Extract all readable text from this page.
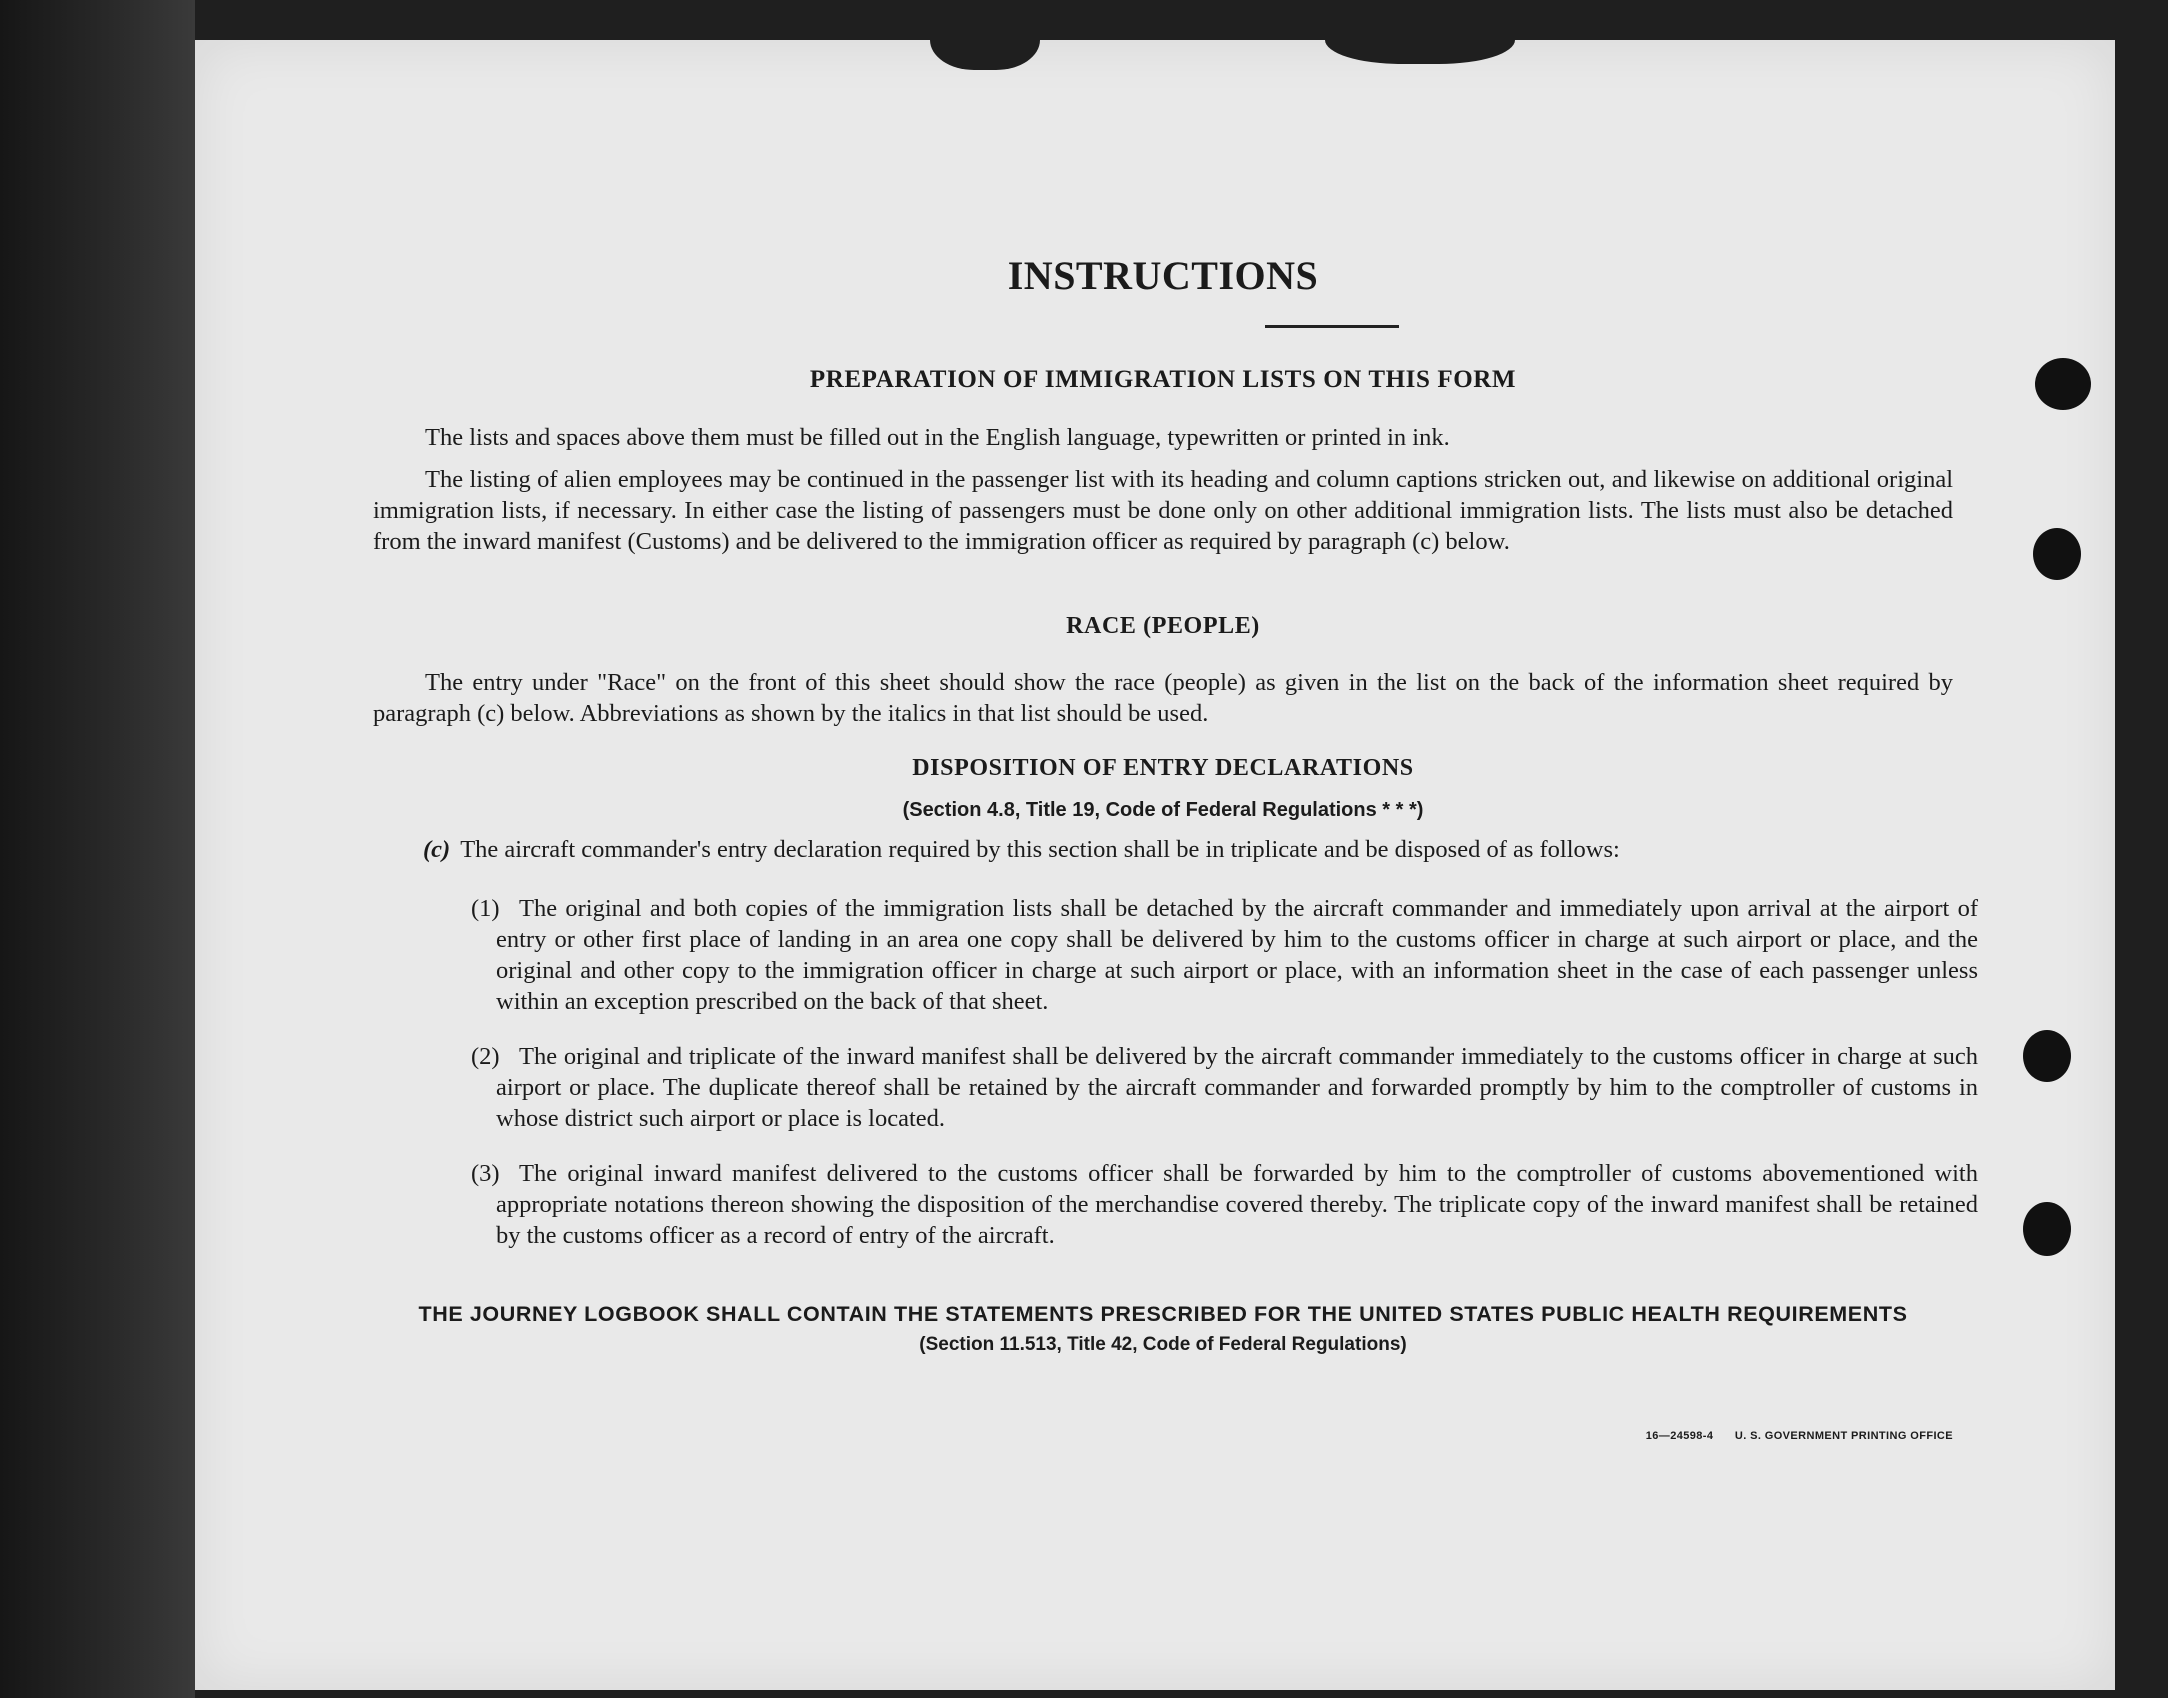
INSTRUCTIONS
PREPARATION OF IMMIGRATION LISTS ON THIS FORM
The lists and spaces above them must be filled out in the English language, typewritten or printed in ink.
The listing of alien employees may be continued in the passenger list with its heading and column captions stricken out, and likewise on additional original immigration lists, if necessary. In either case the listing of passengers must be done only on other additional immigration lists. The lists must also be detached from the inward manifest (Customs) and be delivered to the immigration officer as required by paragraph (c) below.
RACE (PEOPLE)
The entry under "Race" on the front of this sheet should show the race (people) as given in the list on the back of the information sheet required by paragraph (c) below. Abbreviations as shown by the italics in that list should be used.
DISPOSITION OF ENTRY DECLARATIONS
(Section 4.8, Title 19, Code of Federal Regulations * * *)
(c) The aircraft commander's entry declaration required by this section shall be in triplicate and be disposed of as follows:
(1) The original and both copies of the immigration lists shall be detached by the aircraft commander and immediately upon arrival at the airport of entry or other first place of landing in an area one copy shall be delivered by him to the customs officer in charge at such airport or place, and the original and other copy to the immigration officer in charge at such airport or place, with an information sheet in the case of each passenger unless within an exception prescribed on the back of that sheet.
(2) The original and triplicate of the inward manifest shall be delivered by the aircraft commander immediately to the customs officer in charge at such airport or place. The duplicate thereof shall be retained by the aircraft commander and forwarded promptly by him to the comptroller of customs in whose district such airport or place is located.
(3) The original inward manifest delivered to the customs officer shall be forwarded by him to the comptroller of customs abovementioned with appropriate notations thereon showing the disposition of the merchandise covered thereby. The triplicate copy of the inward manifest shall be retained by the customs officer as a record of entry of the aircraft.
THE JOURNEY LOGBOOK SHALL CONTAIN THE STATEMENTS PRESCRIBED FOR THE UNITED STATES PUBLIC HEALTH REQUIREMENTS
(Section 11.513, Title 42, Code of Federal Regulations)
16—24598-4 U. S. GOVERNMENT PRINTING OFFICE
